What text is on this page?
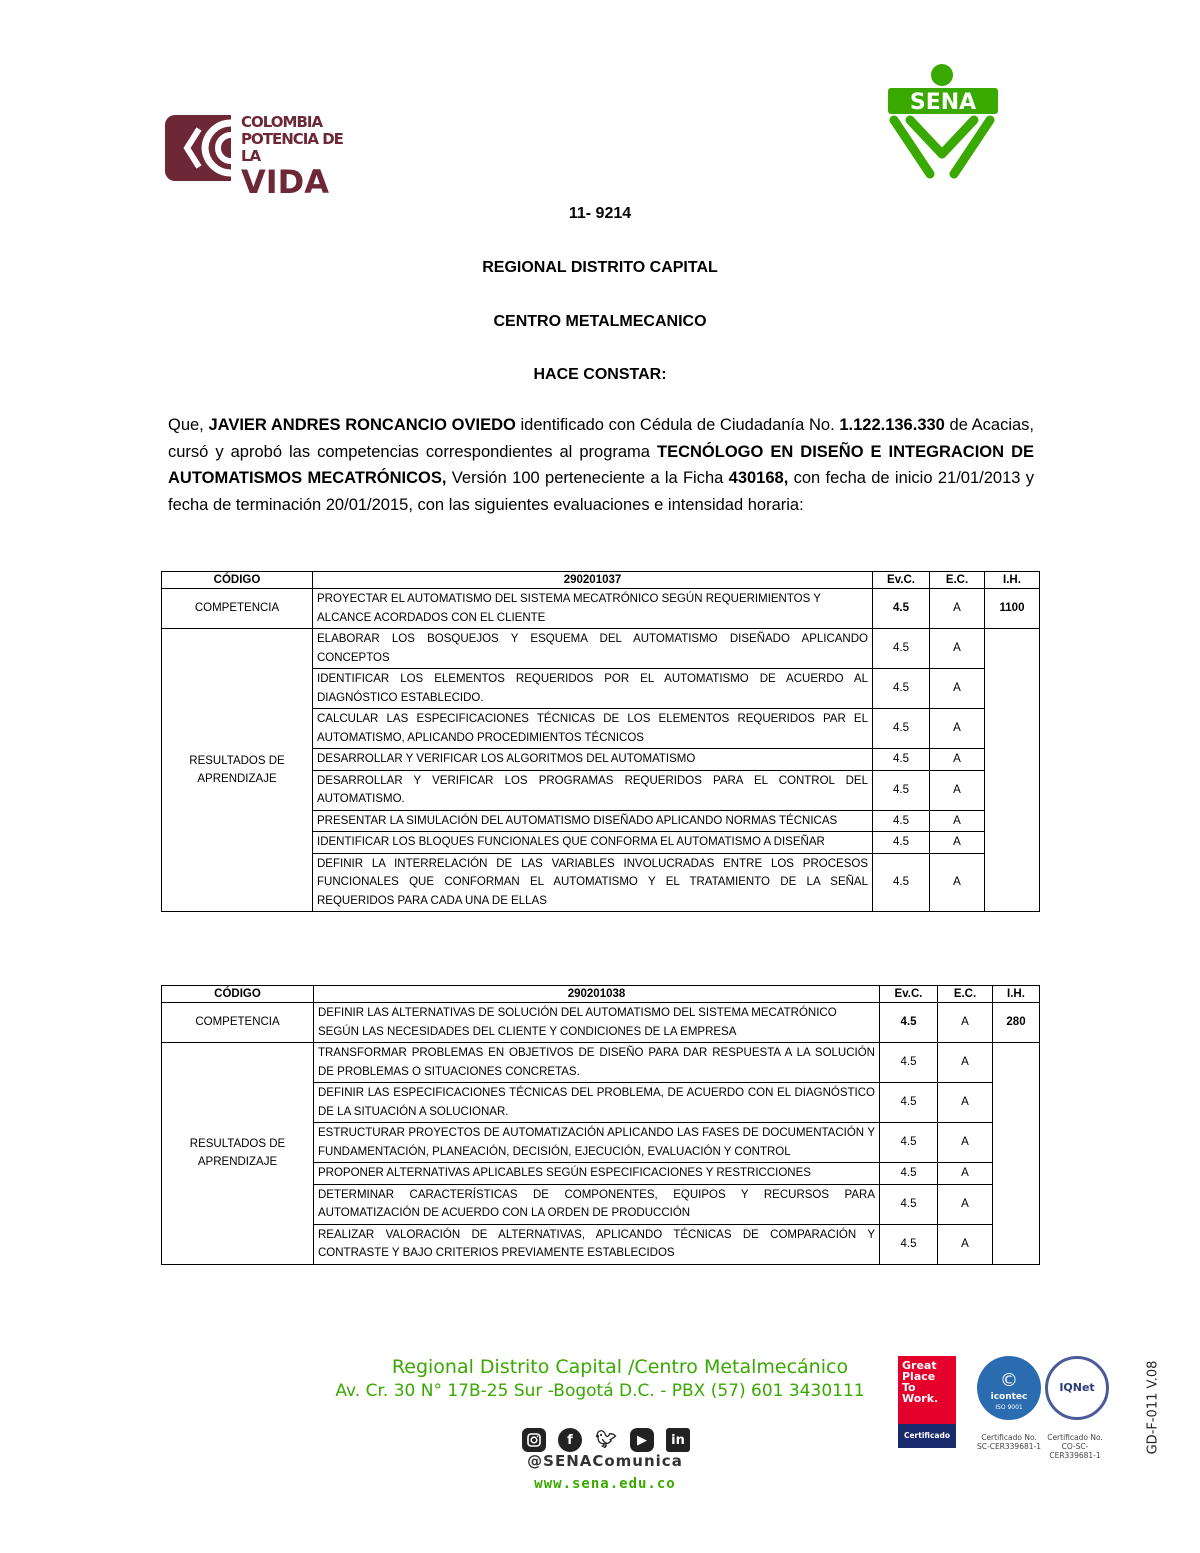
COLOMBIA
POTENCIA DE LA
VIDA
SENA
11- 9214
REGIONAL DISTRITO CAPITAL
CENTRO METALMECANICO
HACE CONSTAR:
Que, JAVIER ANDRES RONCANCIO OVIEDO identificado con Cédula de Ciudadanía No. 1.122.136.330 de Acacias, cursó y aprobó las competencias correspondientes al programa TECNÓLOGO EN DISEÑO E INTEGRACION DE AUTOMATISMOS MECATRÓNICOS, Versión 100 perteneciente a la Ficha 430168, con fecha de inicio 21/01/2013 y fecha de terminación 20/01/2015, con las siguientes evaluaciones e intensidad horaria:
CÓDIGO	290201037	Ev.C.	E.C.	I.H.
COMPETENCIA	PROYECTAR EL AUTOMATISMO DEL SISTEMA MECATRÓNICO SEGÚN REQUERIMIENTOS Y ALCANCE ACORDADOS CON EL CLIENTE	4.5	A	1100
RESULTADOS DE APRENDIZAJE	ELABORAR LOS BOSQUEJOS Y ESQUEMA DEL AUTOMATISMO DISEÑADO APLICANDO CONCEPTOS	4.5	A	
	IDENTIFICAR LOS ELEMENTOS REQUERIDOS POR EL AUTOMATISMO DE ACUERDO AL DIAGNÓSTICO ESTABLECIDO.	4.5	A	
	CALCULAR LAS ESPECIFICACIONES TÉCNICAS DE LOS ELEMENTOS REQUERIDOS PAR EL AUTOMATISMO, APLICANDO PROCEDIMIENTOS TÉCNICOS	4.5	A	
	DESARROLLAR Y VERIFICAR LOS ALGORITMOS DEL AUTOMATISMO	4.5	A	
	DESARROLLAR Y VERIFICAR LOS PROGRAMAS REQUERIDOS PARA EL CONTROL DEL AUTOMATISMO.	4.5	A	
	PRESENTAR LA SIMULACIÓN DEL AUTOMATISMO DISEÑADO APLICANDO NORMAS TÉCNICAS	4.5	A	
	IDENTIFICAR LOS BLOQUES FUNCIONALES QUE CONFORMA EL AUTOMATISMO A DISEÑAR	4.5	A	
	DEFINIR LA INTERRELACIÓN DE LAS VARIABLES INVOLUCRADAS ENTRE LOS PROCESOS FUNCIONALES QUE CONFORMAN EL AUTOMATISMO Y EL TRATAMIENTO DE LA SEÑAL REQUERIDOS PARA CADA UNA DE ELLAS	4.5	A	
CÓDIGO	290201038	Ev.C.	E.C.	I.H.
COMPETENCIA	DEFINIR LAS ALTERNATIVAS DE SOLUCIÓN DEL AUTOMATISMO DEL SISTEMA MECATRÓNICO SEGÚN LAS NECESIDADES DEL CLIENTE Y CONDICIONES DE LA EMPRESA	4.5	A	280
RESULTADOS DE APRENDIZAJE	TRANSFORMAR PROBLEMAS EN OBJETIVOS DE DISEÑO PARA DAR RESPUESTA A LA SOLUCIÓN DE PROBLEMAS O SITUACIONES CONCRETAS.	4.5	A	
	DEFINIR LAS ESPECIFICACIONES TÉCNICAS DEL PROBLEMA, DE ACUERDO CON EL DIAGNÓSTICO DE LA SITUACIÓN A SOLUCIONAR.	4.5	A	
	ESTRUCTURAR PROYECTOS DE AUTOMATIZACIÓN APLICANDO LAS FASES DE DOCUMENTACIÓN Y FUNDAMENTACIÓN, PLANEACIÓN, DECISIÓN, EJECUCIÓN, EVALUACIÓN Y CONTROL	4.5	A	
	PROPONER ALTERNATIVAS APLICABLES SEGÚN ESPECIFICACIONES Y RESTRICCIONES	4.5	A	
	DETERMINAR CARACTERÍSTICAS DE COMPONENTES, EQUIPOS Y RECURSOS PARA AUTOMATIZACIÓN DE ACUERDO CON LA ORDEN DE PRODUCCIÓN	4.5	A	
	REALIZAR VALORACIÓN DE ALTERNATIVAS, APLICANDO TÉCNICAS DE COMPARACIÓN Y CONTRASTE Y BAJO CRITERIOS PREVIAMENTE ESTABLECIDOS	4.5	A	
Regional Distrito Capital /Centro Metalmecánico
Av. Cr. 30 N° 17B-25 Sur -Bogotá D.C. - PBX (57) 601 3430111
f	🐦︎	▶	in
@SENAComunica
www.sena.edu.co
Great
Place
To
Work.
Certificado
©
icontec
ISO 9001
IQNet
Certificado No. SC-CER339681-1
Certificado No. CO-SC-CER339681-1
GD-F-011 V.08
